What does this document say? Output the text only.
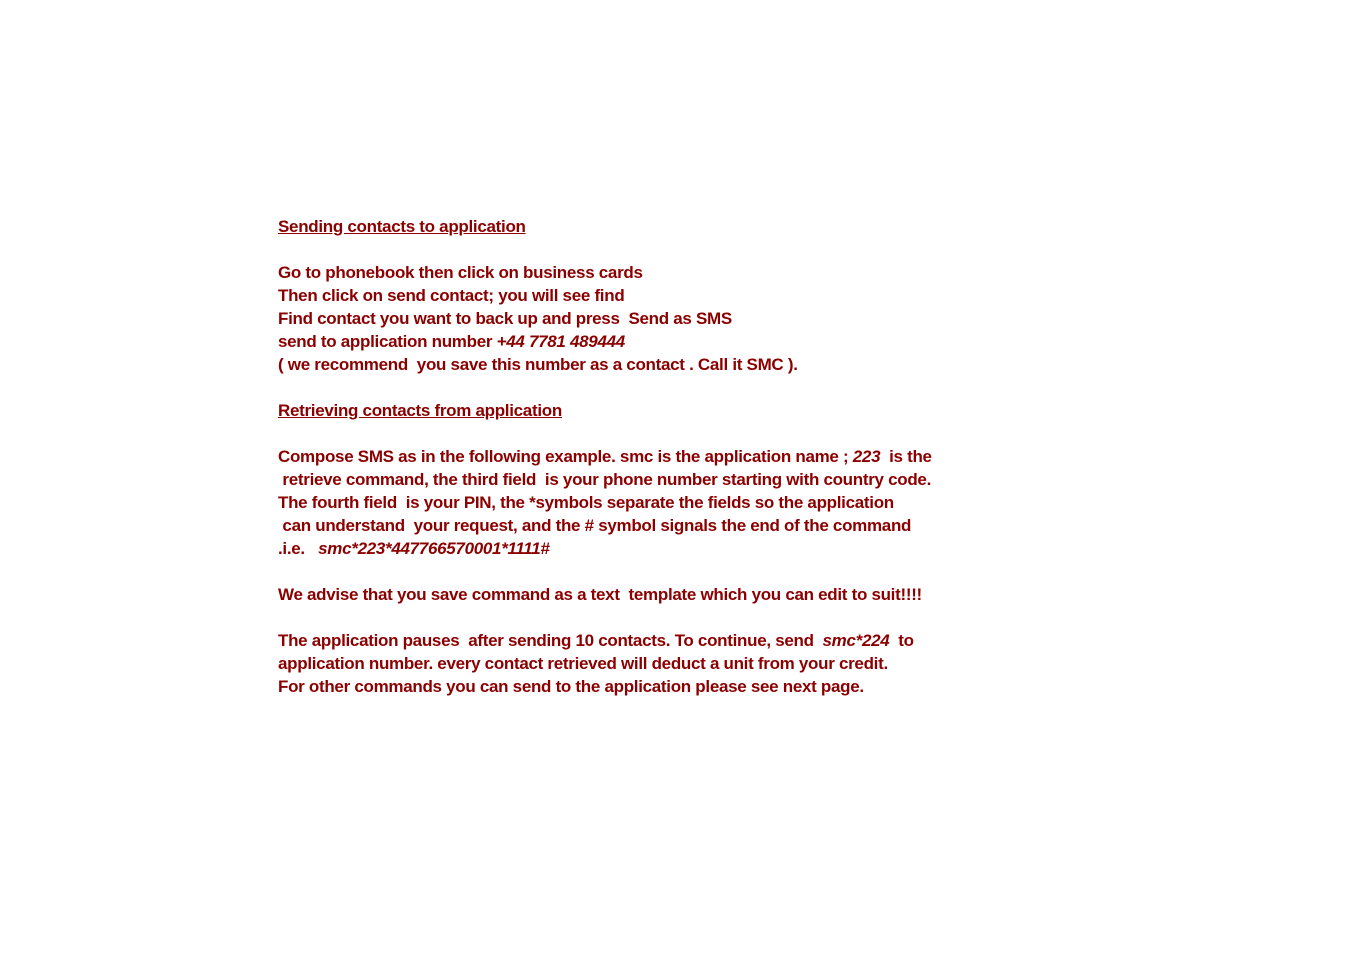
Sending contacts to application
Go to phonebook then click on business cards
Then click on send contact; you will see find
Find contact you want to back up and press  Send as SMS
send to application number +44 7781 489444
( we recommend  you save this number as a contact . Call it SMC ).
Retrieving contacts from application
Compose SMS as in the following example. smc is the application name ; 223  is the
retrieve command, the third field  is your phone number starting with country code.
The fourth field  is your PIN, the *symbols separate the fields so the application
can understand  your request, and the # symbol signals the end of the command
.i.e.   smc*223*447766570001*1111#
We advise that you save command as a text  template which you can edit to suit!!!!
The application pauses  after sending 10 contacts. To continue, send  smc*224  to
application number. every contact retrieved will deduct a unit from your credit.
For other commands you can send to the application please see next page.
